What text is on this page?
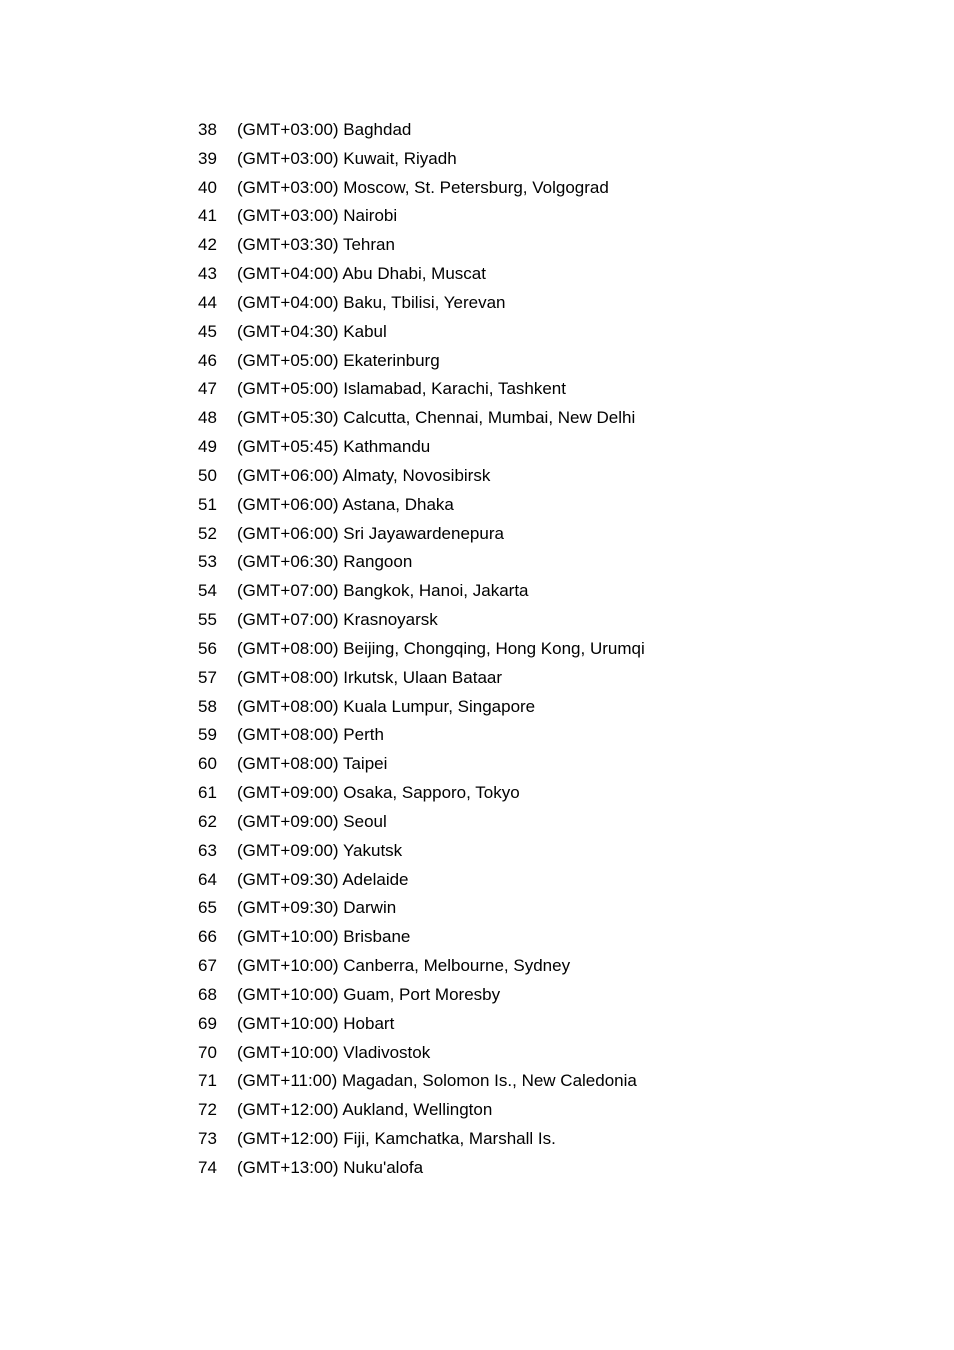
38	(GMT+03:00) Baghdad
39	(GMT+03:00) Kuwait, Riyadh
40	(GMT+03:00) Moscow, St. Petersburg, Volgograd
41	(GMT+03:00) Nairobi
42	(GMT+03:30) Tehran
43	(GMT+04:00) Abu Dhabi, Muscat
44	(GMT+04:00) Baku, Tbilisi, Yerevan
45	(GMT+04:30) Kabul
46	(GMT+05:00) Ekaterinburg
47	(GMT+05:00) Islamabad, Karachi, Tashkent
48	(GMT+05:30) Calcutta, Chennai, Mumbai, New Delhi
49	(GMT+05:45) Kathmandu
50	(GMT+06:00) Almaty, Novosibirsk
51	(GMT+06:00) Astana, Dhaka
52	(GMT+06:00) Sri Jayawardenepura
53	(GMT+06:30) Rangoon
54	(GMT+07:00) Bangkok, Hanoi, Jakarta
55	(GMT+07:00) Krasnoyarsk
56	(GMT+08:00) Beijing, Chongqing, Hong Kong, Urumqi
57	(GMT+08:00) Irkutsk, Ulaan Bataar
58	(GMT+08:00) Kuala Lumpur, Singapore
59	(GMT+08:00) Perth
60	(GMT+08:00) Taipei
61	(GMT+09:00) Osaka, Sapporo, Tokyo
62	(GMT+09:00) Seoul
63	(GMT+09:00) Yakutsk
64	(GMT+09:30) Adelaide
65	(GMT+09:30) Darwin
66	(GMT+10:00) Brisbane
67	(GMT+10:00) Canberra, Melbourne, Sydney
68	(GMT+10:00) Guam, Port Moresby
69	(GMT+10:00) Hobart
70	(GMT+10:00) Vladivostok
71	(GMT+11:00) Magadan, Solomon Is., New Caledonia
72	(GMT+12:00) Aukland, Wellington
73	(GMT+12:00) Fiji, Kamchatka, Marshall Is.
74	(GMT+13:00) Nuku'alofa
